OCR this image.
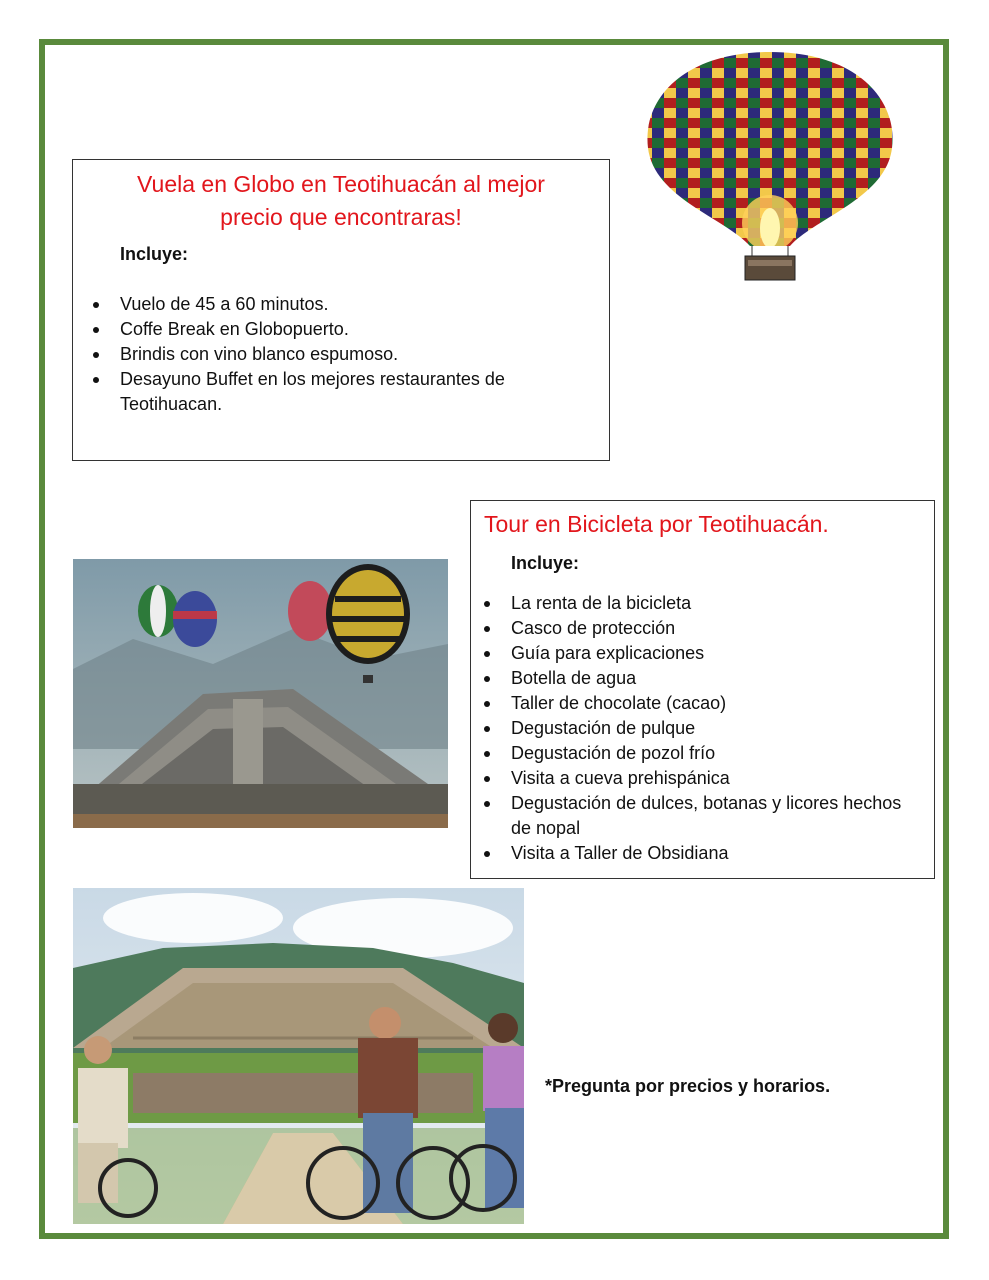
Vuela en Globo en Teotihuacán al mejor
precio que encontraras!
Incluye:
Vuelo de 45 a 60 minutos.
Coffe Break en Globopuerto.
Brindis con vino blanco espumoso.
Desayuno Buffet en los mejores restaurantes de Teotihuacan.
Tour en Bicicleta por Teotihuacán.
Incluye:
La renta de la bicicleta
Casco de protección
Guía para explicaciones
Botella de agua
Taller de chocolate (cacao)
Degustación de pulque
Degustación de pozol frío
Visita a cueva prehispánica
Degustación de dulces, botanas y licores hechos de nopal
Visita a Taller de Obsidiana
*Pregunta por precios y horarios.
